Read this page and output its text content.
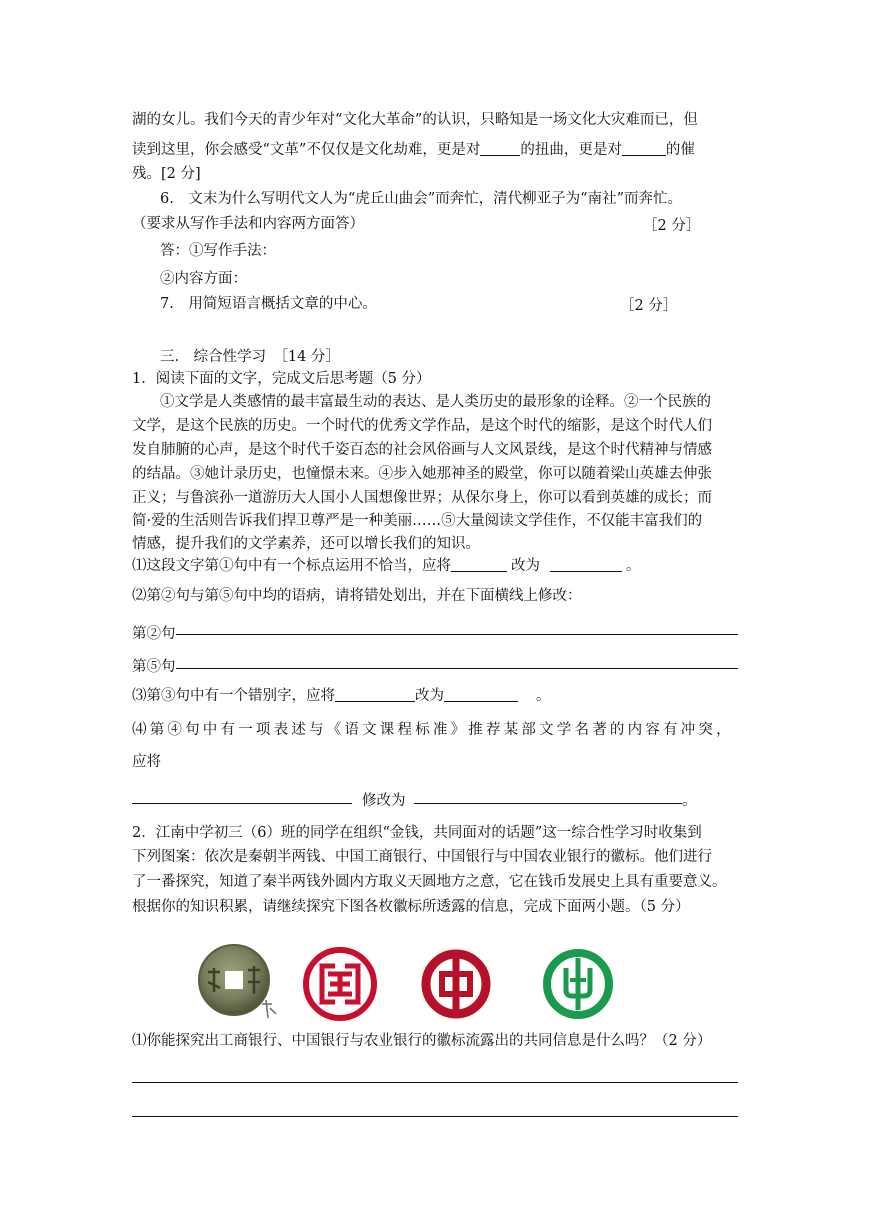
湖的女儿。我们今天的青少年对“文化大革命”的认识，只略知是一场文化大灾难而已，但
读到这里，你会感受“文革”不仅仅是文化劫难，更是对	的扭曲，更是对	的催
残。[2 分]
6.　文末为什么写明代文人为“虎丘山曲会”而奔忙，清代柳亚子为“南社”而奔忙。
（要求从写作手法和内容两方面答）	［2 分］
答：①写作手法：
②内容方面：
7.　用简短语言概括文章的中心。	［2 分］
三.　综合性学习　［14 分］
1．阅读下面的文字，完成文后思考题（5 分）
①文学是人类感情的最丰富最生动的表达、是人类历史的最形象的诠释。②一个民族的
文学，是这个民族的历史。一个时代的优秀文学作品，是这个时代的缩影，是这个时代人们
发自肺腑的心声，是这个时代千姿百态的社会风俗画与人文风景线，是这个时代精神与情感
的结晶。③她计录历史，也憧憬未来。④步入她那神圣的殿堂，你可以随着梁山英雄去伸张
正义；与鲁滨孙一道游历大人国小人国想像世界；从保尔身上，你可以看到英雄的成长；而
简·爱的生活则告诉我们捍卫尊严是一种美丽……⑤大量阅读文学佳作，不仅能丰富我们的
情感，提升我们的文学素养，还可以增长我们的知识。
⑴这段文字第①句中有一个标点运用不恰当，应将	改为	。
⑵第②句与第⑤句中均的语病，请将错处划出，并在下面横线上修改：
第②句
第⑤句
⑶第③句中有一个错别字，应将	改为	。
⑷第④句中有一项表述与《语文课程标准》推荐某部文学名著的内容有冲突，
应将
修改为	。
2．江南中学初三（6）班的同学在组织“金钱，共同面对的话题”这一综合性学习时收集到
下列图案：依次是秦朝半两钱、中国工商银行、中国银行与中国农业银行的徽标。他们进行
了一番探究，知道了秦半两钱外圆内方取义天圆地方之意，它在钱币发展史上具有重要意义。
根据你的知识积累，请继续探究下图各枚徽标所透露的信息，完成下面两小题。（5 分）
⑴你能探究出工商银行、中国银行与农业银行的徽标流露出的共同信息是什么吗？（2 分）
